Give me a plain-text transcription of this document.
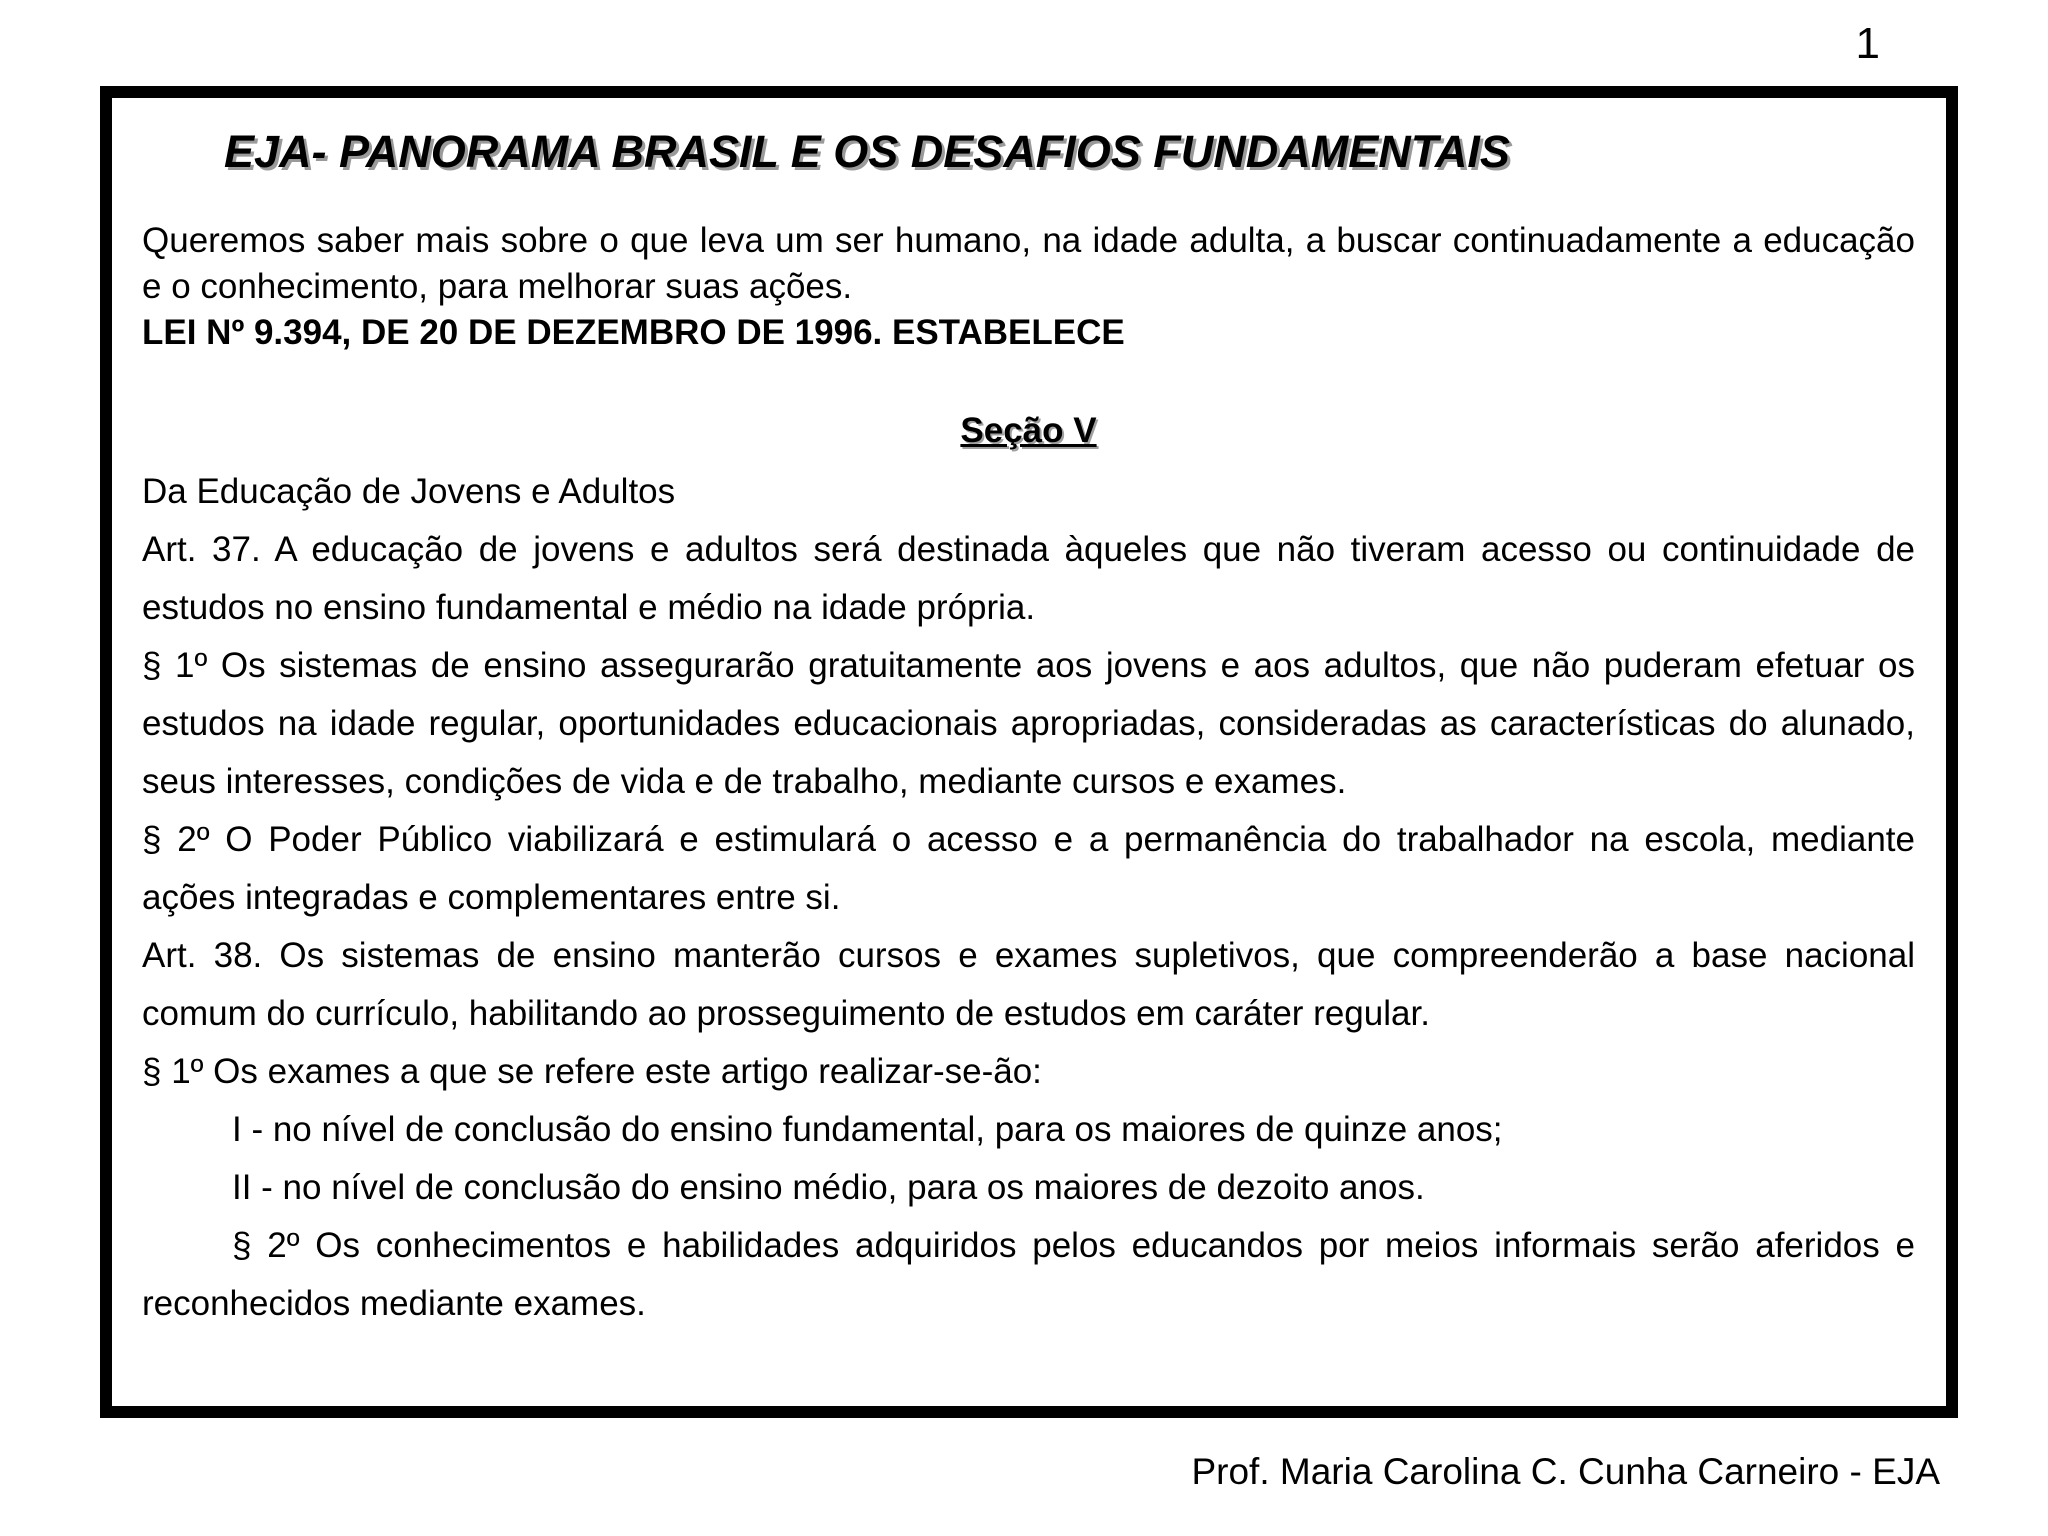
1
EJA- PANORAMA BRASIL E OS DESAFIOS FUNDAMENTAIS
Queremos saber mais sobre o que leva um ser humano, na idade adulta, a buscar continuadamente a educação e o conhecimento, para melhorar suas ações.
LEI Nº 9.394, DE 20 DE DEZEMBRO DE 1996. ESTABELECE
Seção V

Da Educação de Jovens e Adultos

Art. 37. A educação de jovens e adultos será destinada àqueles que não tiveram acesso ou continuidade de estudos no ensino fundamental e médio na idade própria.

§ 1º Os sistemas de ensino assegurarão gratuitamente aos jovens e aos adultos, que não puderam efetuar os estudos na idade regular, oportunidades educacionais apropriadas, consideradas as características do alunado, seus interesses, condições de vida e de trabalho, mediante cursos e exames.

§ 2º O Poder Público viabilizará e estimulará o acesso e a permanência do trabalhador na escola, mediante ações integradas e complementares entre si.

Art. 38. Os sistemas de ensino manterão cursos e exames supletivos, que compreenderão a base nacional comum do currículo, habilitando ao prosseguimento de estudos em caráter regular.

§ 1º Os exames a que se refere este artigo realizar-se-ão:

I - no nível de conclusão do ensino fundamental, para os maiores de quinze anos;

II - no nível de conclusão do ensino médio, para os maiores de dezoito anos.

§ 2º Os conhecimentos e habilidades adquiridos pelos educandos por meios informais serão aferidos e reconhecidos mediante exames.

Prof. Maria Carolina C. Cunha Carneiro - EJA
